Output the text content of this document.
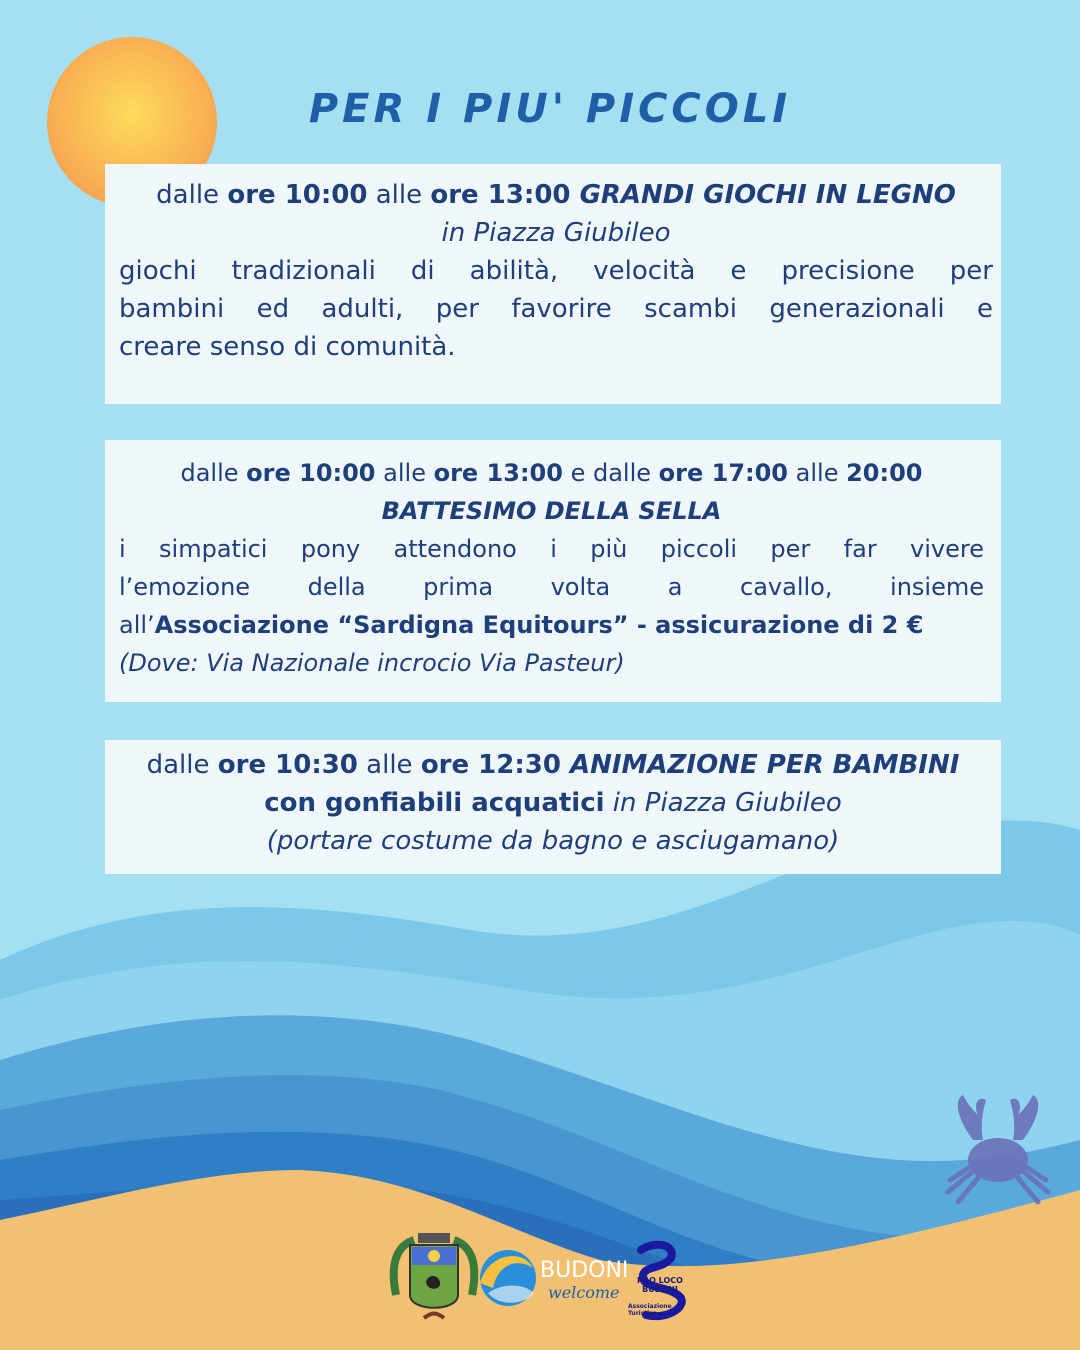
PER I PIU' PICCOLI
dalle ore 10:00 alle ore 13:00 GRANDI GIOCHI IN LEGNO
in Piazza Giubileo
giochi tradizionali di abilità, velocità e precisione per
bambini ed adulti, per favorire scambi generazionali e
creare senso di comunità.
dalle ore 10:00 alle ore 13:00 e dalle ore 17:00 alle 20:00
BATTESIMO DELLA SELLA
i simpatici pony attendono i più piccoli per far vivere
l’emozione della prima volta a cavallo, insieme
all’Associazione “Sardigna Equitours” - assicurazione di 2 €
(Dove: Via Nazionale incrocio Via Pasteur)
dalle ore 10:30 alle ore 12:30 ANIMAZIONE PER BAMBINI
con gonfiabili acquatici in Piazza Giubileo
(portare costume da bagno e asciugamano)
BUDONI
welcome
PRO LOCO BUDONI
Associazione Turistica
